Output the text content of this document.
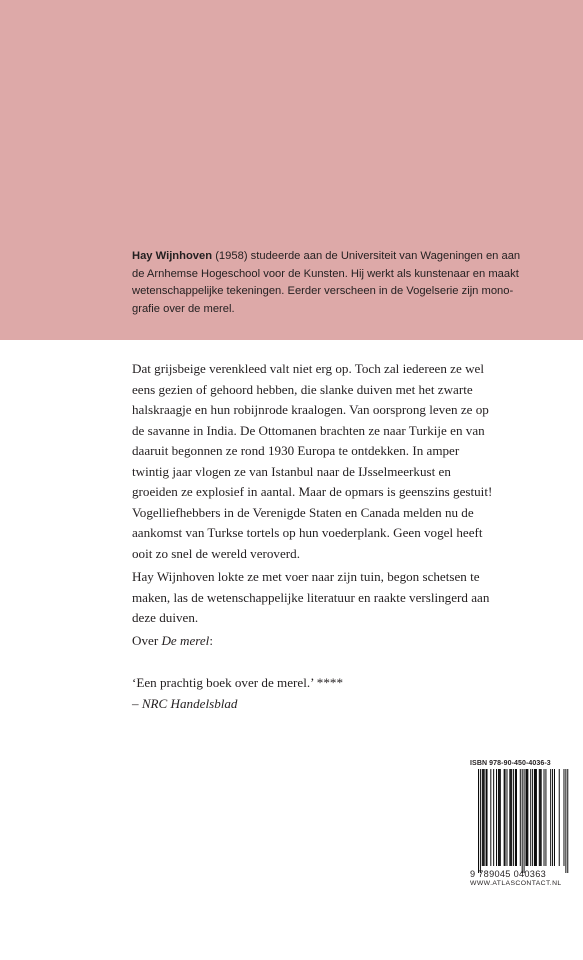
Hay Wijnhoven (1958) studeerde aan de Universiteit van Wageningen en aan
de Arnhemse Hogeschool voor de Kunsten. Hij werkt als kunstenaar en maakt
wetenschappelijke tekeningen. Eerder verscheen in de Vogelserie zijn mono-
grafie over de merel.

Dat grijsbeige verenkleed valt niet erg op. Toch zal iedereen ze wel
eens gezien of gehoord hebben, die slanke duiven met het zwarte
halskraagje en hun robijnrode kraalogen. Van oorsprong leven ze op
de savanne in India. De Ottomanen brachten ze naar Turkije en van
daaruit begonnen ze rond 1930 Europa te ontdekken. In amper
twintig jaar vlogen ze van Istanbul naar de IJsselmeerkust en
groeiden ze explosief in aantal. Maar de opmars is geenszins gestuit!
Vogelliefhebbers in de Verenigde Staten en Canada melden nu de
aankomst van Turkse tortels op hun voederplank. Geen vogel heeft
ooit zo snel de wereld veroverd.

Hay Wijnhoven lokte ze met voer naar zijn tuin, begon schetsen te
maken, las de wetenschappelijke literatuur en raakte verslingerd aan
deze duiven.

Over De merel:

‘Een prachtig boek over de merel.’ ****
– NRC Handelsblad

ISBN 978-90-450-4036-3

9 789045 040363
WWW.ATLASCONTACT.NL
